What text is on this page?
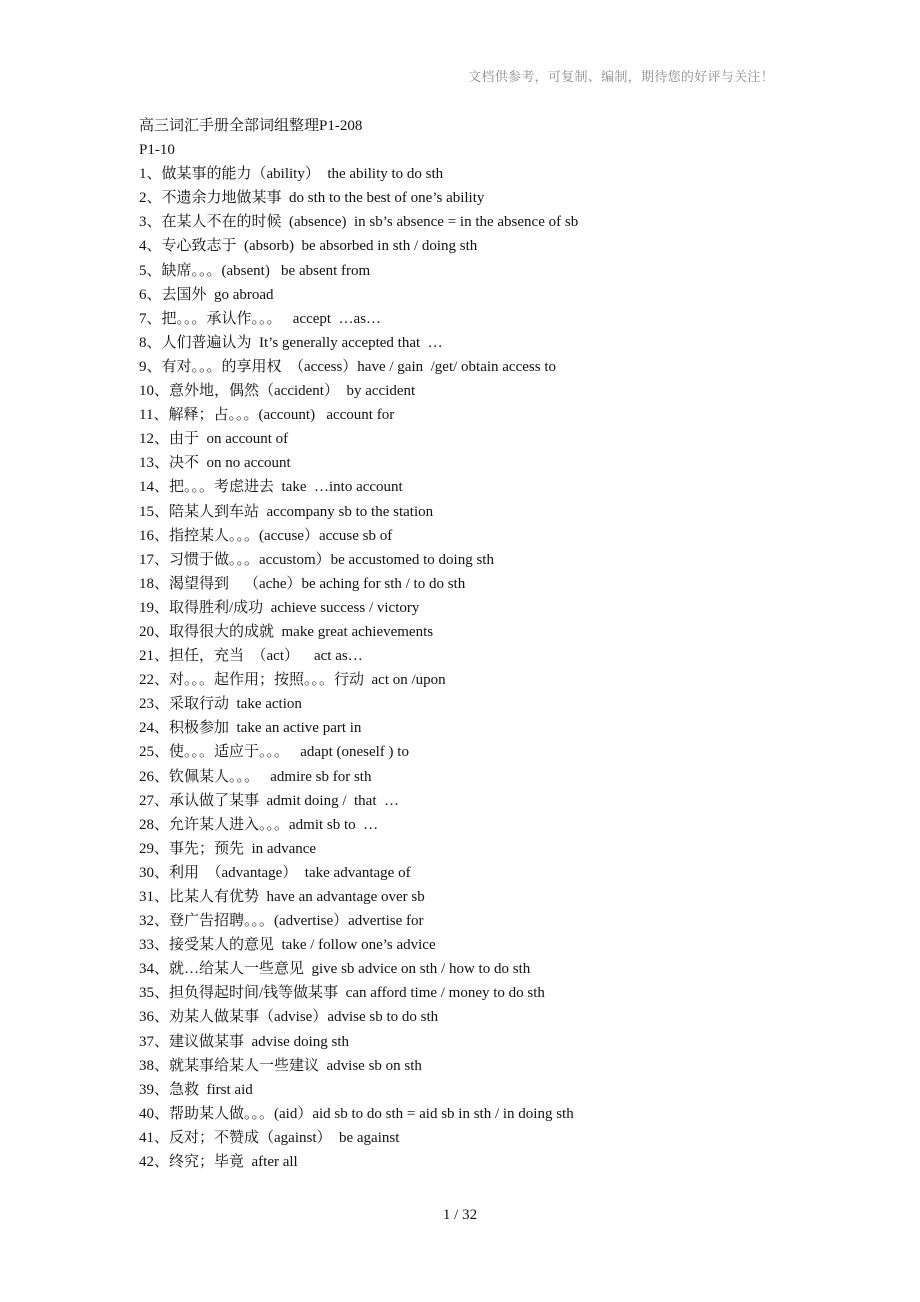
文档供参考，可复制、编制，期待您的好评与关注！
高三词汇手册全部词组整理P1-208
P1-10
1、做某事的能力（ability）  the ability to do sth
2、不遗余力地做某事  do sth to the best of one’s ability
3、在某人不在的时候  (absence)  in sb’s absence = in the absence of sb
4、专心致志于  (absorb)  be absorbed in sth / doing sth
5、缺席。。。(absent)   be absent from
6、去国外  go abroad
7、把。。。承认作。。。   accept  …as…
8、人们普遍认为  It’s generally accepted that  …
9、有对。。。的享用权  （access）have / gain  /get/ obtain access to
10、意外地，偶然（accident）  by accident
11、解释；占。。。(account)   account for
12、由于  on account of
13、决不  on no account
14、把。。。考虑进去  take  …into account
15、陪某人到车站  accompany sb to the station
16、指控某人。。。(accuse）accuse sb of
17、习惯于做。。。accustom）be accustomed to doing sth
18、渴望得到    （ache）be aching for sth / to do sth
19、取得胜利/成功  achieve success / victory
20、取得很大的成就  make great achievements
21、担任，充当  （act）    act as…
22、对。。。起作用；按照。。。行动  act on /upon
23、采取行动  take action
24、积极参加  take an active part in
25、使。。。适应于。。。   adapt (oneself ) to
26、钦佩某人。。。   admire sb for sth
27、承认做了某事  admit doing /  that  …
28、允许某人进入。。。admit sb to  …
29、事先；预先  in advance
30、利用  （advantage）  take advantage of
31、比某人有优势  have an advantage over sb
32、登广告招聘。。。(advertise）advertise for
33、接受某人的意见  take / follow one’s advice
34、就…给某人一些意见  give sb advice on sth / how to do sth
35、担负得起时间/钱等做某事  can afford time / money to do sth
36、劝某人做某事（advise）advise sb to do sth
37、建议做某事  advise doing sth
38、就某事给某人一些建议  advise sb on sth
39、急救  first aid
40、帮助某人做。。。(aid）aid sb to do sth = aid sb in sth / in doing sth
41、反对；不赞成（against）  be against
42、终究；毕竟  after all
1 / 32
